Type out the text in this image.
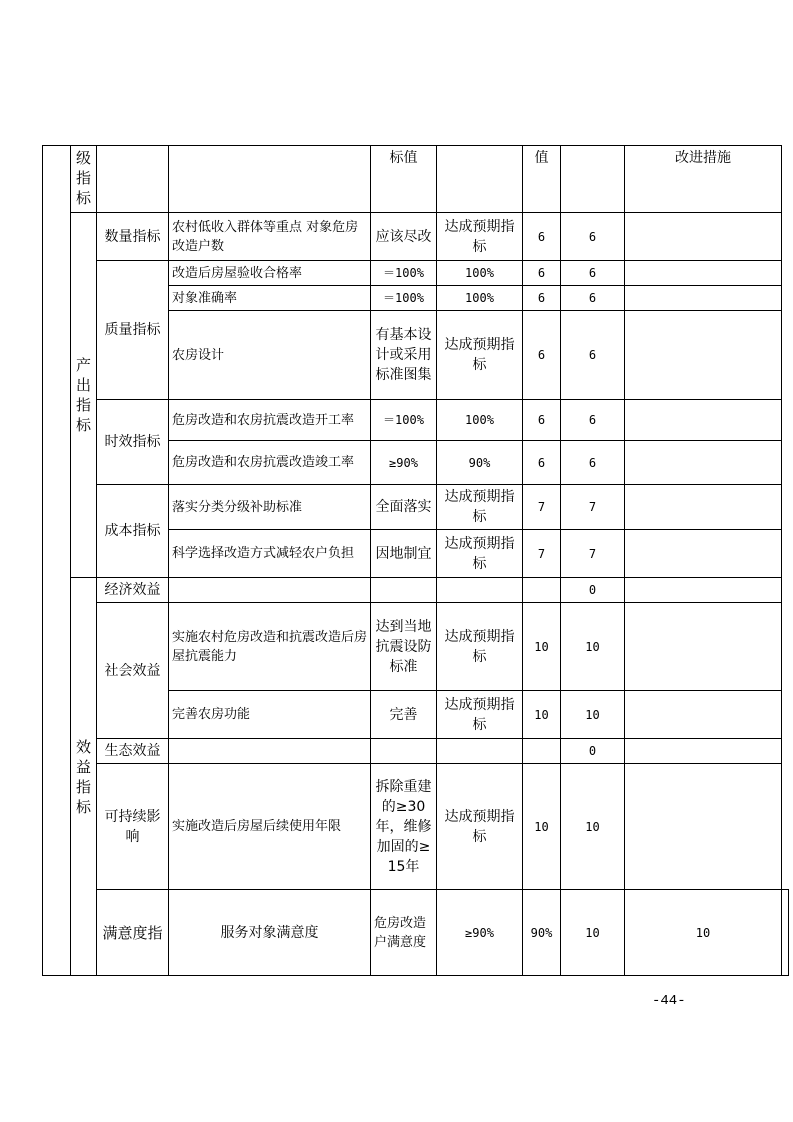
	级指标			标值		值		改进措施	
	产出指标	数量指标	农村低收入群体等重点 对象危房改造户数	应该尽改	达成预期指标	6	6		
		质量指标	改造后房屋验收合格率	＝100%	100%	6	6		
			对象准确率	＝100%	100%	6	6		
			农房设计	有基本设计或采用标准图集	达成预期指标	6	6		
		时效指标	危房改造和农房抗震改造开工率	＝100%	100%	6	6		
			危房改造和农房抗震改造竣工率	≥90%	90%	6	6		
		成本指标	落实分类分级补助标准	全面落实	达成预期指标	7	7		
			科学选择改造方式减轻农户负担	因地制宜	达成预期指标	7	7		
	效益指标	经济效益					0		
		社会效益	实施农村危房改造和抗震改造后房屋抗震能力	达到当地抗震设防标准	达成预期指标	10	10		
			完善农房功能	完善	达成预期指标	10	10		
		生态效益					0		
		可持续影响	实施改造后房屋后续使用年限	拆除重建的≥30年，维修加固的≥15年	达成预期指标	10	10		
		满意度指	服务对象满意度	危房改造户满意度	≥90%	90%	10	10	
-44-
